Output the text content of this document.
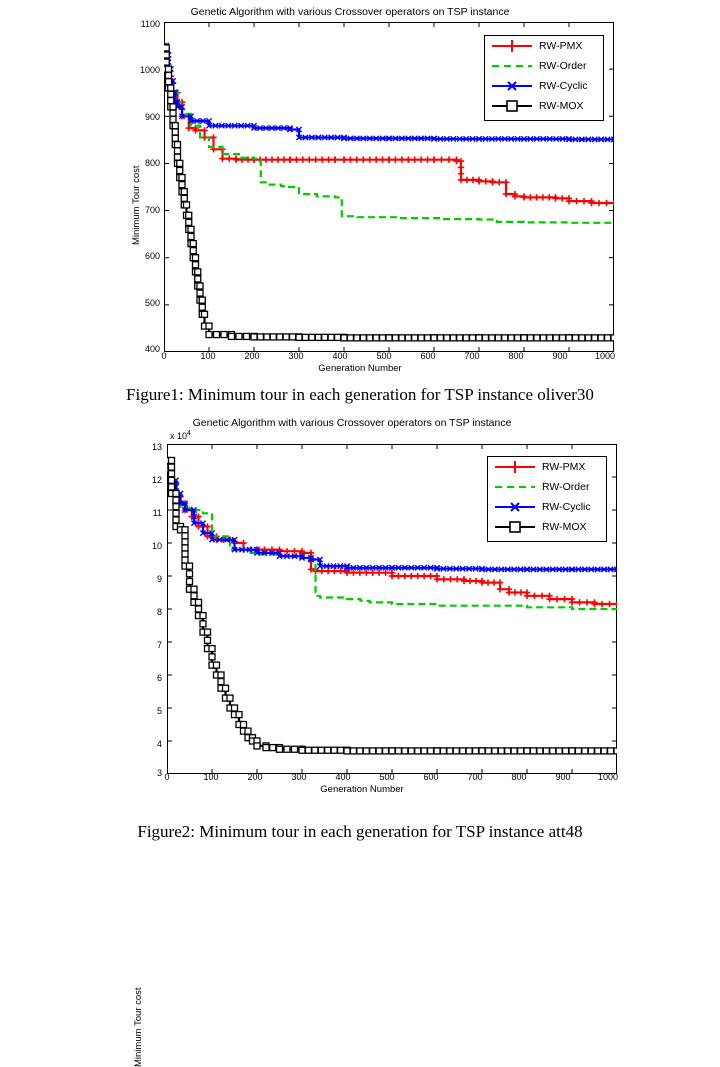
Genetic Algorithm with various Crossover operators on TSP instance
Minimum Tour cost
Generation Number
1100
1000
900
800
700
600
500
400
0	100	200	300	400	500	600	700	800	900	1000
RW-PMX
RW-Order
RW-Cyclic
RW-MOX
Figure1: Minimum tour in each generation for TSP instance oliver30
Genetic Algorithm with various Crossover operators on TSP instance
x $10^4$
Minimum Tour cost
Generation Number
13
12
11
10
9
8
7
6
5
4
3 0	100	200	300	400	500	600	700	800	900	1000
RW-PMX
RW-Order
RW-Cyclic
RW-MOX
Figure2: Minimum tour in each generation for TSP instance att48
